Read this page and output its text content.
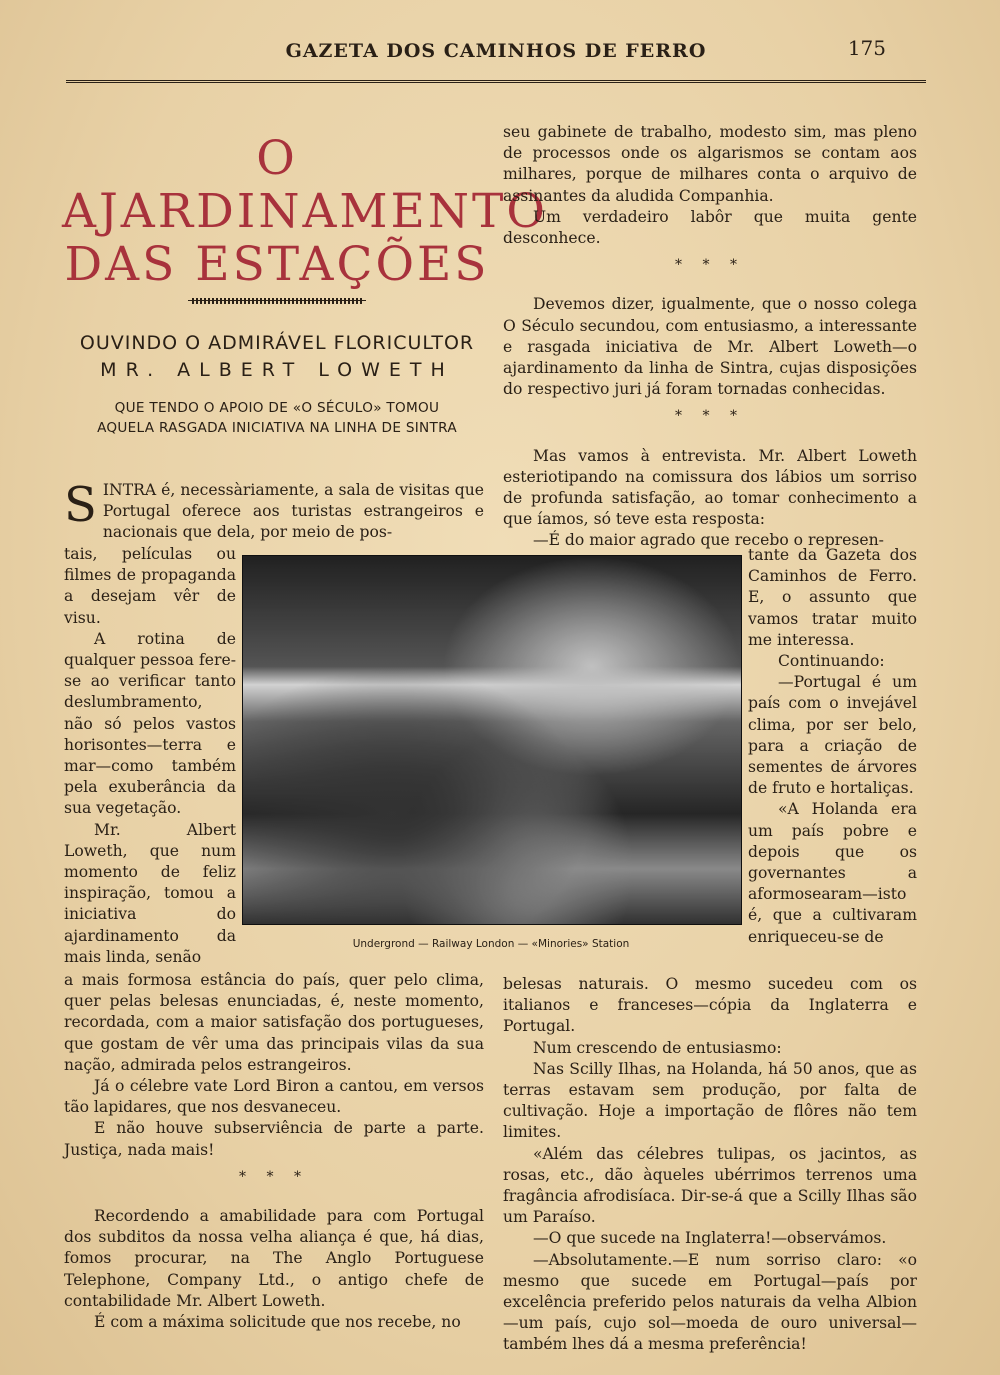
GAZETA DOS CAMINHOS DE FERRO	175
O
AJARDINAMENTO
DAS ESTAÇÕES
OUVINDO O ADMIRÁVEL FLORICULTOR
MR. ALBERT LOWETH
QUE TENDO O APOIO DE «O SÉCULO» TOMOU
AQUELA RASGADA INICIATIVA NA LINHA DE SINTRA

SINTRA é, necessàriamente, a sala de visitas que Portugal oferece aos turistas estrangeiros e nacionais que dela, por meio de pos-

tais, películas ou filmes de propaganda a desejam vêr de visu.

A rotina de qualquer pessoa fere-se ao verificar tanto deslumbramento, não só pelos vastos horisontes—terra e mar—como também pela exuberância da sua vegetação.

Mr. Albert Loweth, que num momento de feliz inspiração, tomou a iniciativa do ajardinamento da mais linda, senão

a mais formosa estância do país, quer pelo clima, quer pelas belesas enunciadas, é, neste momento, recordada, com a maior satisfação dos portugueses, que gostam de vêr uma das principais vilas da sua nação, admirada pelos estrangeiros.

Já o célebre vate Lord Biron a cantou, em versos tão lapidares, que nos desvaneceu.

E não houve subserviência de parte a parte. Justiça, nada mais!

* * *

Recordendo a amabilidade para com Portugal dos subditos da nossa velha aliança é que, há dias, fomos procurar, na The Anglo Portuguese Telephone, Company Ltd., o antigo chefe de contabilidade Mr. Albert Loweth.

É com a máxima solicitude que nos recebe, no

seu gabinete de trabalho, modesto sim, mas pleno de processos onde os algarismos se contam aos milhares, porque de milhares conta o arquivo de assinantes da aludida Companhia.

Um verdadeiro labôr que muita gente desconhece.

* * *

Devemos dizer, igualmente, que o nosso colega O Século secundou, com entusiasmo, a interessante e rasgada iniciativa de Mr. Albert Loweth—o ajardinamento da linha de Sintra, cujas disposições do respectivo juri já foram tornadas conhecidas.

* * *

Mas vamos à entrevista. Mr. Albert Loweth esteriotipando na comissura dos lábios um sorriso de profunda satisfação, ao tomar conhecimento a que íamos, só teve esta resposta:

—É do maior agrado que recebo o represen-

tante da Gazeta dos Caminhos de Ferro. E, o assunto que vamos tratar muito me interessa.

Continuando:

—Portugal é um país com o invejável clima, por ser belo, para a criação de sementes de árvores de fruto e hortaliças.

«A Holanda era um país pobre e depois que os governantes a aformosearam—isto é, que a cultivaram enriqueceu-se de

belesas naturais. O mesmo sucedeu com os italianos e franceses—cópia da Inglaterra e Portugal.

Num crescendo de entusiasmo:

Nas Scilly Ilhas, na Holanda, há 50 anos, que as terras estavam sem produção, por falta de cultivação. Hoje a importação de flôres não tem limites.

«Além das célebres tulipas, os jacintos, as rosas, etc., dão àqueles ubérrimos terrenos uma fragância afrodisíaca. Dir-se-á que a Scilly Ilhas são um Paraíso.

—O que sucede na Inglaterra!—observámos.

—Absolutamente.—E num sorriso claro: «o mesmo que sucede em Portugal—país por excelência preferido pelos naturais da velha Albion—um país, cujo sol—moeda de ouro universal—também lhes dá a mesma preferência!

Undergrond — Railway London — «Minories» Station
